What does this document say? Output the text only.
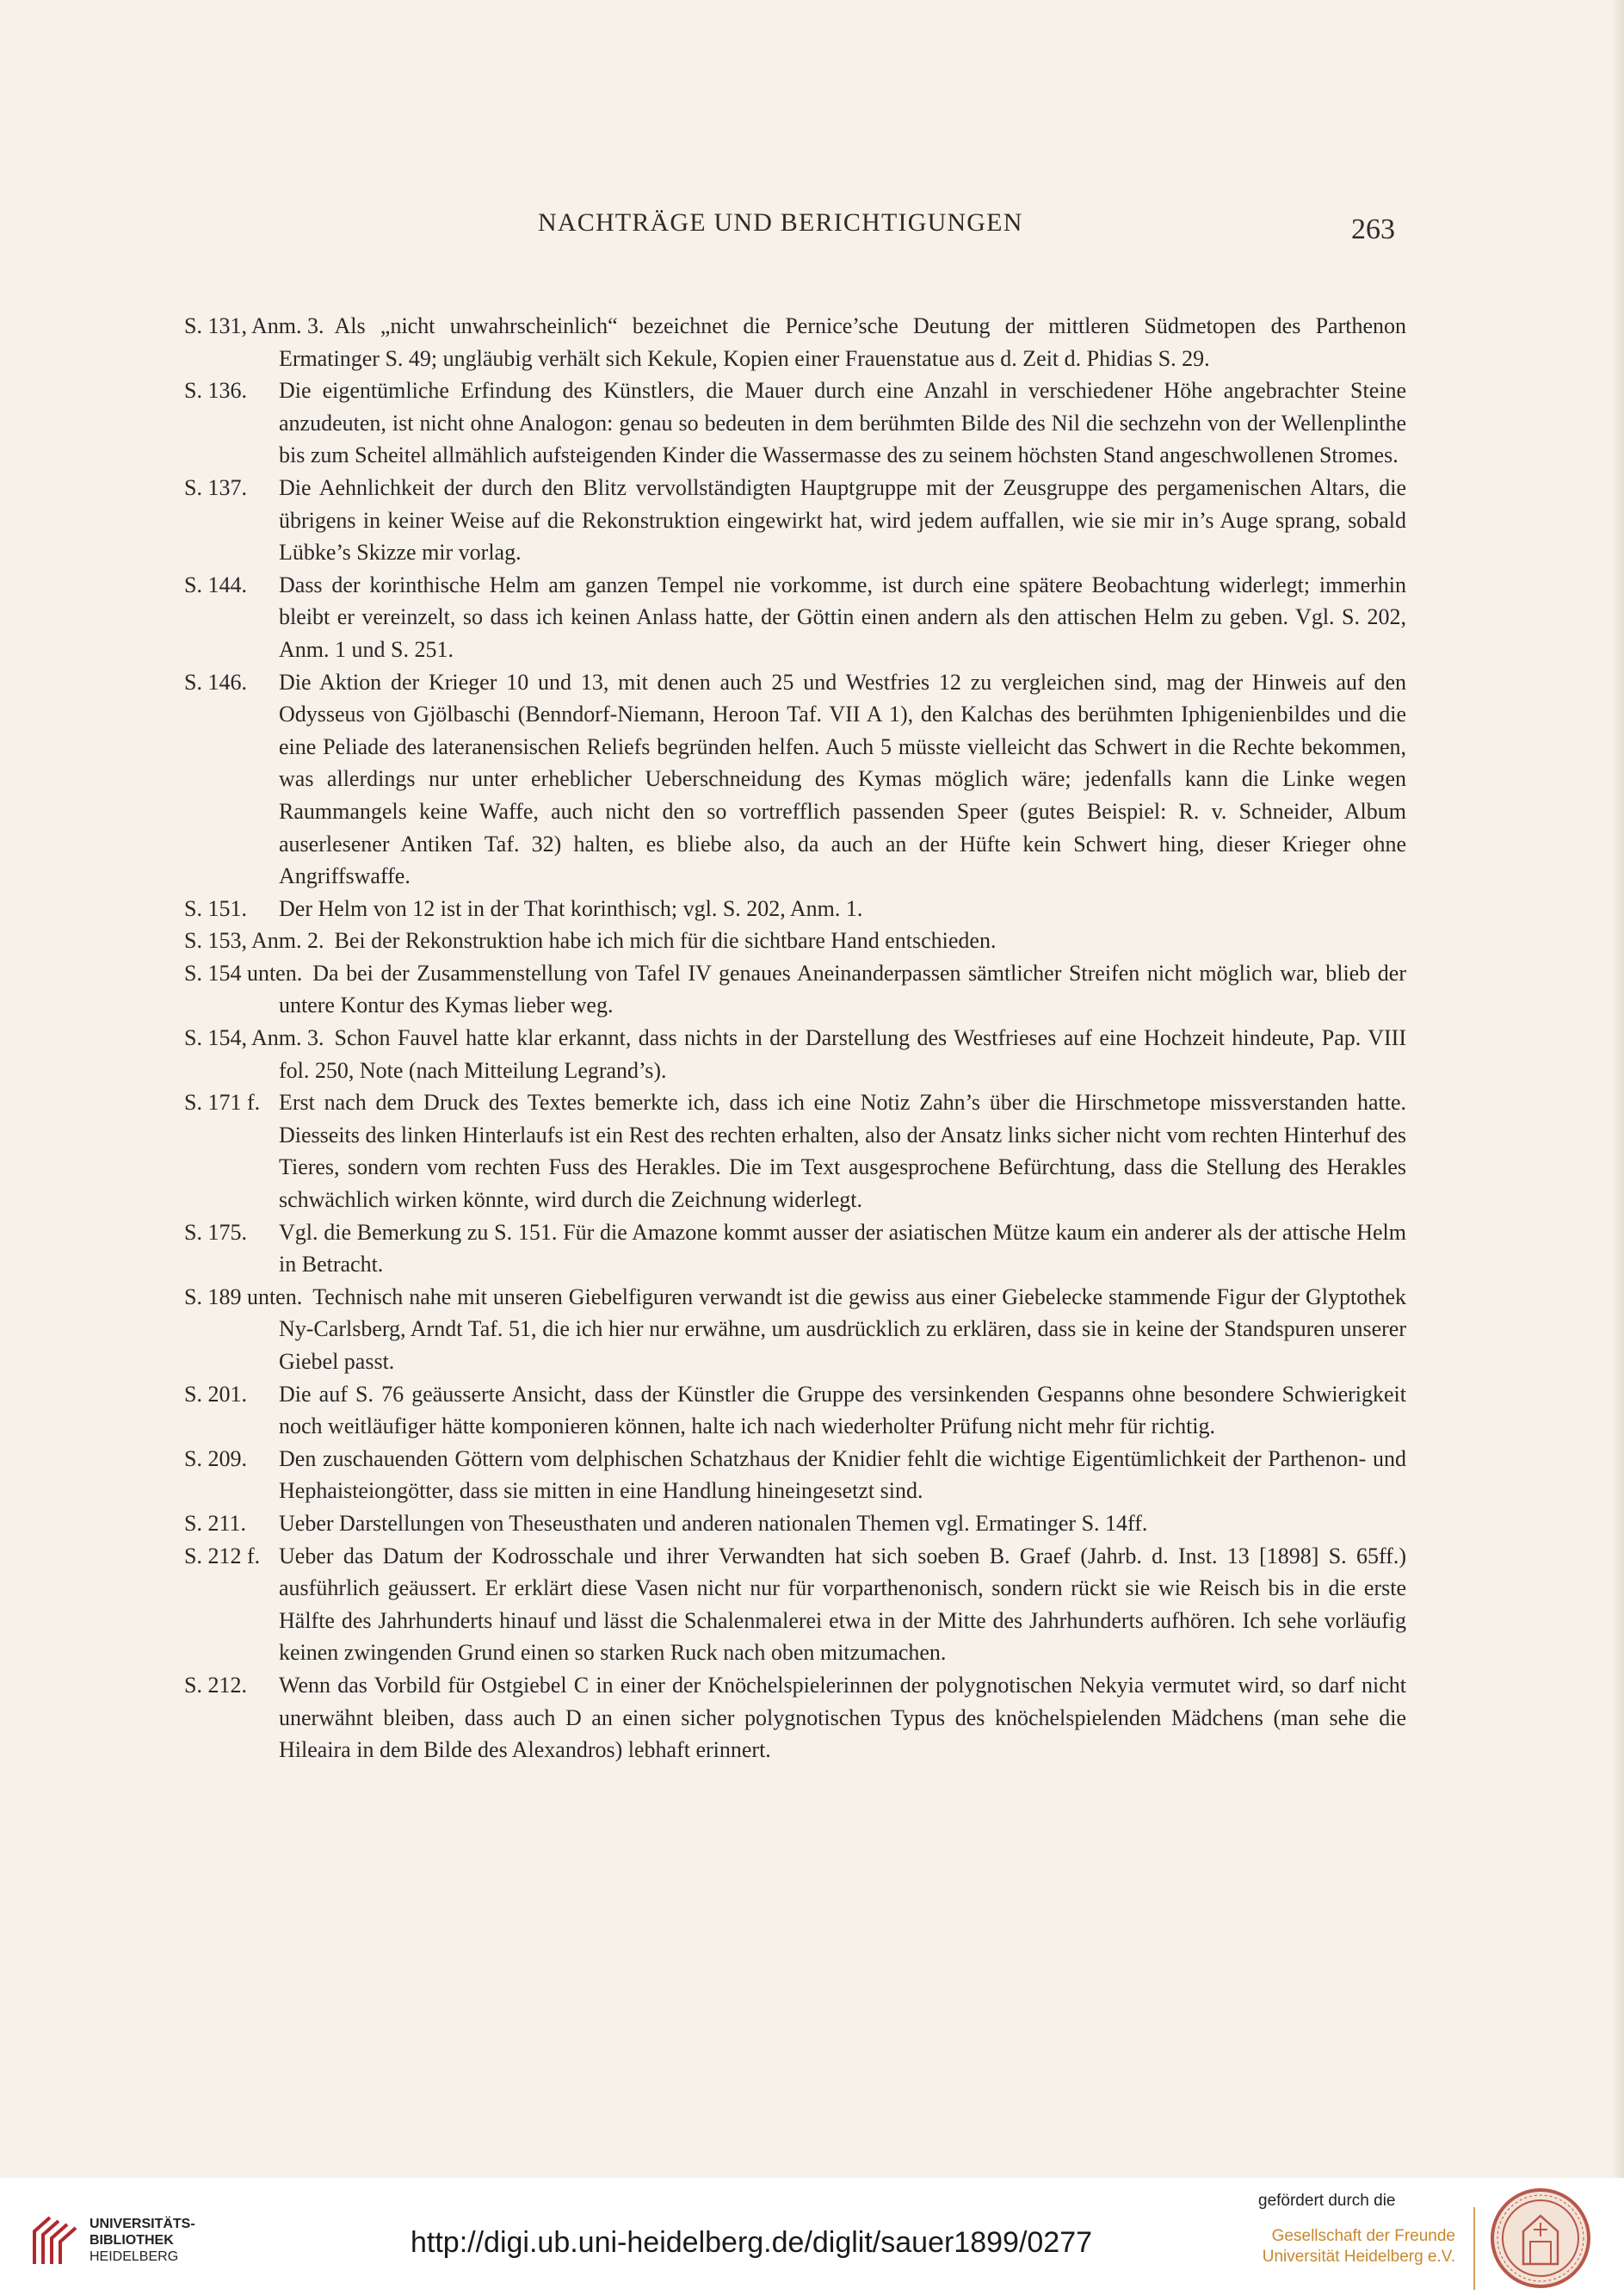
NACHTRÄGE UND BERICHTIGUNGEN	263
S. 131, Anm. 3. Als „nicht unwahrscheinlich“ bezeichnet die Pernice’sche Deutung der mittleren Südmetopen des Parthenon Ermatinger S. 49; ungläubig verhält sich Kekule, Kopien einer Frauenstatue aus d. Zeit d. Phidias S. 29.
S. 136. Die eigentümliche Erfindung des Künstlers, die Mauer durch eine Anzahl in verschiedener Höhe angebrachter Steine anzudeuten, ist nicht ohne Analogon: genau so bedeuten in dem berühmten Bilde des Nil die sechzehn von der Wellenplinthe bis zum Scheitel allmählich aufsteigenden Kinder die Wassermasse des zu seinem höchsten Stand angeschwollenen Stromes.
S. 137. Die Aehnlichkeit der durch den Blitz vervollständigten Hauptgruppe mit der Zeusgruppe des pergamenischen Altars, die übrigens in keiner Weise auf die Rekonstruktion eingewirkt hat, wird jedem auffallen, wie sie mir in’s Auge sprang, sobald Lübke’s Skizze mir vorlag.
S. 144. Dass der korinthische Helm am ganzen Tempel nie vorkomme, ist durch eine spätere Beobachtung widerlegt; immerhin bleibt er vereinzelt, so dass ich keinen Anlass hatte, der Göttin einen andern als den attischen Helm zu geben. Vgl. S. 202, Anm. 1 und S. 251.
S. 146. Die Aktion der Krieger 10 und 13, mit denen auch 25 und Westfries 12 zu vergleichen sind, mag der Hinweis auf den Odysseus von Gjölbaschi (Benndorf-Niemann, Heroon Taf. VII A 1), den Kalchas des berühmten Iphigenienbildes und die eine Peliade des lateranensischen Reliefs begründen helfen. Auch 5 müsste vielleicht das Schwert in die Rechte bekommen, was allerdings nur unter erheblicher Ueberschneidung des Kymas möglich wäre; jedenfalls kann die Linke wegen Raummangels keine Waffe, auch nicht den so vortrefflich passenden Speer (gutes Beispiel: R. v. Schneider, Album auserlesener Antiken Taf. 32) halten, es bliebe also, da auch an der Hüfte kein Schwert hing, dieser Krieger ohne Angriffswaffe.
S. 151. Der Helm von 12 ist in der That korinthisch; vgl. S. 202, Anm. 1.
S. 153, Anm. 2. Bei der Rekonstruktion habe ich mich für die sichtbare Hand entschieden.
S. 154 unten. Da bei der Zusammenstellung von Tafel IV genaues Aneinanderpassen sämtlicher Streifen nicht möglich war, blieb der untere Kontur des Kymas lieber weg.
S. 154, Anm. 3. Schon Fauvel hatte klar erkannt, dass nichts in der Darstellung des Westfrieses auf eine Hochzeit hindeute, Pap. VIII fol. 250, Note (nach Mitteilung Legrand’s).
S. 171 f. Erst nach dem Druck des Textes bemerkte ich, dass ich eine Notiz Zahn’s über die Hirschmetope missverstanden hatte. Diesseits des linken Hinterlaufs ist ein Rest des rechten erhalten, also der Ansatz links sicher nicht vom rechten Hinterhuf des Tieres, sondern vom rechten Fuss des Herakles. Die im Text ausgesprochene Befürchtung, dass die Stellung des Herakles schwächlich wirken könnte, wird durch die Zeichnung widerlegt.
S. 175. Vgl. die Bemerkung zu S. 151. Für die Amazone kommt ausser der asiatischen Mütze kaum ein anderer als der attische Helm in Betracht.
S. 189 unten. Technisch nahe mit unseren Giebelfiguren verwandt ist die gewiss aus einer Giebelecke stammende Figur der Glyptothek Ny-Carlsberg, Arndt Taf. 51, die ich hier nur erwähne, um ausdrücklich zu erklären, dass sie in keine der Standspuren unserer Giebel passt.
S. 201. Die auf S. 76 geäusserte Ansicht, dass der Künstler die Gruppe des versinkenden Gespanns ohne besondere Schwierigkeit noch weitläufiger hätte komponieren können, halte ich nach wiederholter Prüfung nicht mehr für richtig.
S. 209. Den zuschauenden Göttern vom delphischen Schatzhaus der Knidier fehlt die wichtige Eigentümlichkeit der Parthenon- und Hephaisteiongötter, dass sie mitten in eine Handlung hineingesetzt sind.
S. 211. Ueber Darstellungen von Theseusthaten und anderen nationalen Themen vgl. Ermatinger S. 14ff.
S. 212 f. Ueber das Datum der Kodrosschale und ihrer Verwandten hat sich soeben B. Graef (Jahrb. d. Inst. 13 [1898] S. 65ff.) ausführlich geäussert. Er erklärt diese Vasen nicht nur für vorparthenonisch, sondern rückt sie wie Reisch bis in die erste Hälfte des Jahrhunderts hinauf und lässt die Schalenmalerei etwa in der Mitte des Jahrhunderts aufhören. Ich sehe vorläufig keinen zwingenden Grund einen so starken Ruck nach oben mitzumachen.
S. 212. Wenn das Vorbild für Ostgiebel C in einer der Knöchelspielerinnen der polygnotischen Nekyia vermutet wird, so darf nicht unerwähnt bleiben, dass auch D an einen sicher polygnotischen Typus des knöchelspielenden Mädchens (man sehe die Hileaira in dem Bilde des Alexandros) lebhaft erinnert.
UNIVERSITÄTS-
BIBLIOTHEK
HEIDELBERG	http://digi.ub.uni-heidelberg.de/diglit/sauer1899/0277
gefördert durch die
Gesellschaft der Freunde
Universität Heidelberg e.V.
